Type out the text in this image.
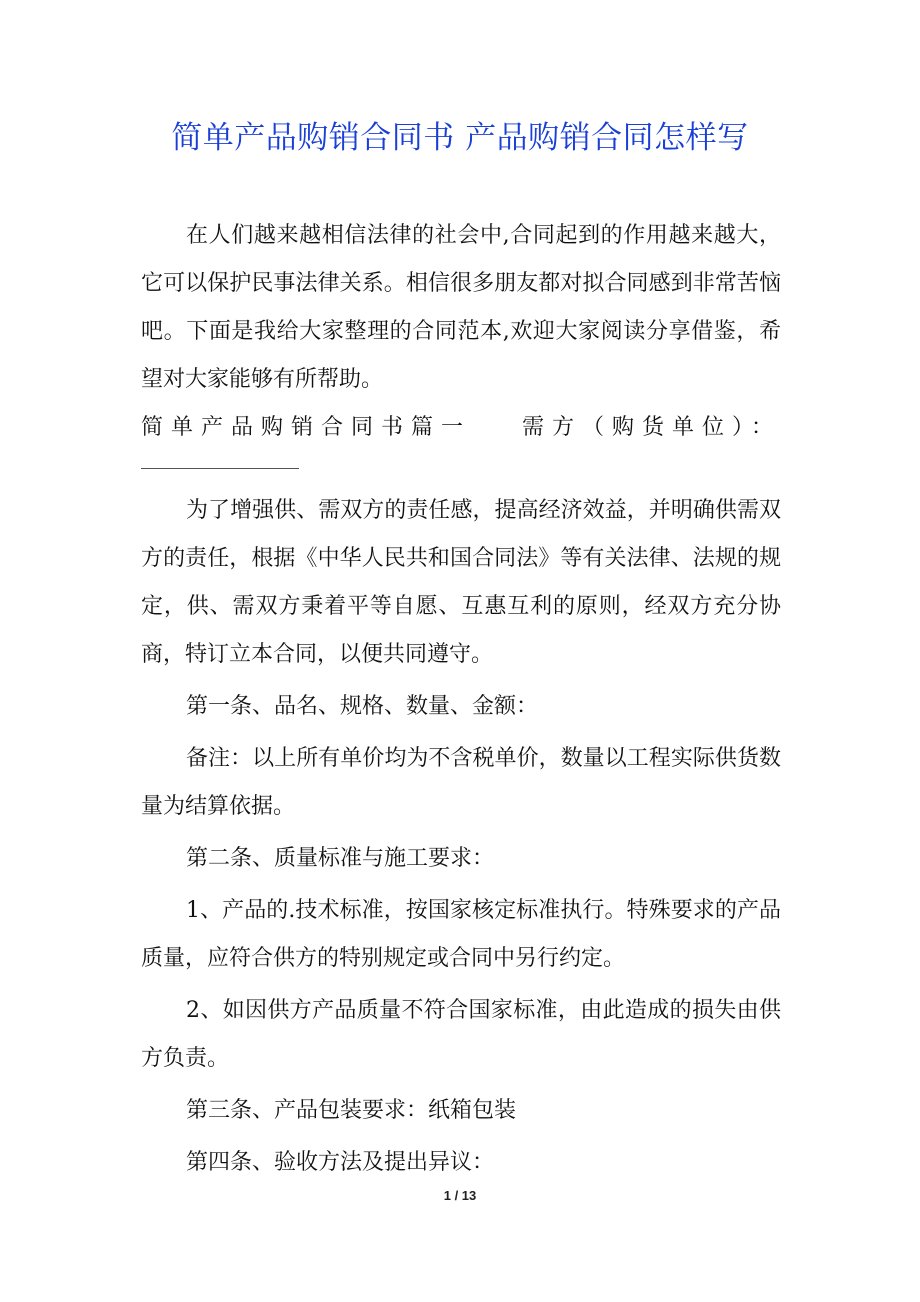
简单产品购销合同书 产品购销合同怎样写

在人们越来越相信法律的社会中,合同起到的作用越来越大，它可以保护民事法律关系。相信很多朋友都对拟合同感到非常苦恼吧。下面是我给大家整理的合同范本,欢迎大家阅读分享借鉴，希望对大家能够有所帮助。

简单产品购销合同书篇一 需方（购货单位）：

为了增强供、需双方的责任感，提高经济效益，并明确供需双方的责任，根据《中华人民共和国合同法》等有关法律、法规的规定，供、需双方秉着平等自愿、互惠互利的原则，经双方充分协商，特订立本合同，以便共同遵守。

第一条、品名、规格、数量、金额：

备注：以上所有单价均为不含税单价，数量以工程实际供货数量为结算依据。

第二条、质量标准与施工要求：

1、产品的.技术标准，按国家核定标准执行。特殊要求的产品质量，应符合供方的特别规定或合同中另行约定。

2、如因供方产品质量不符合国家标准，由此造成的损失由供方负责。

第三条、产品包装要求：纸箱包装

第四条、验收方法及提出异议：

1 / 13
